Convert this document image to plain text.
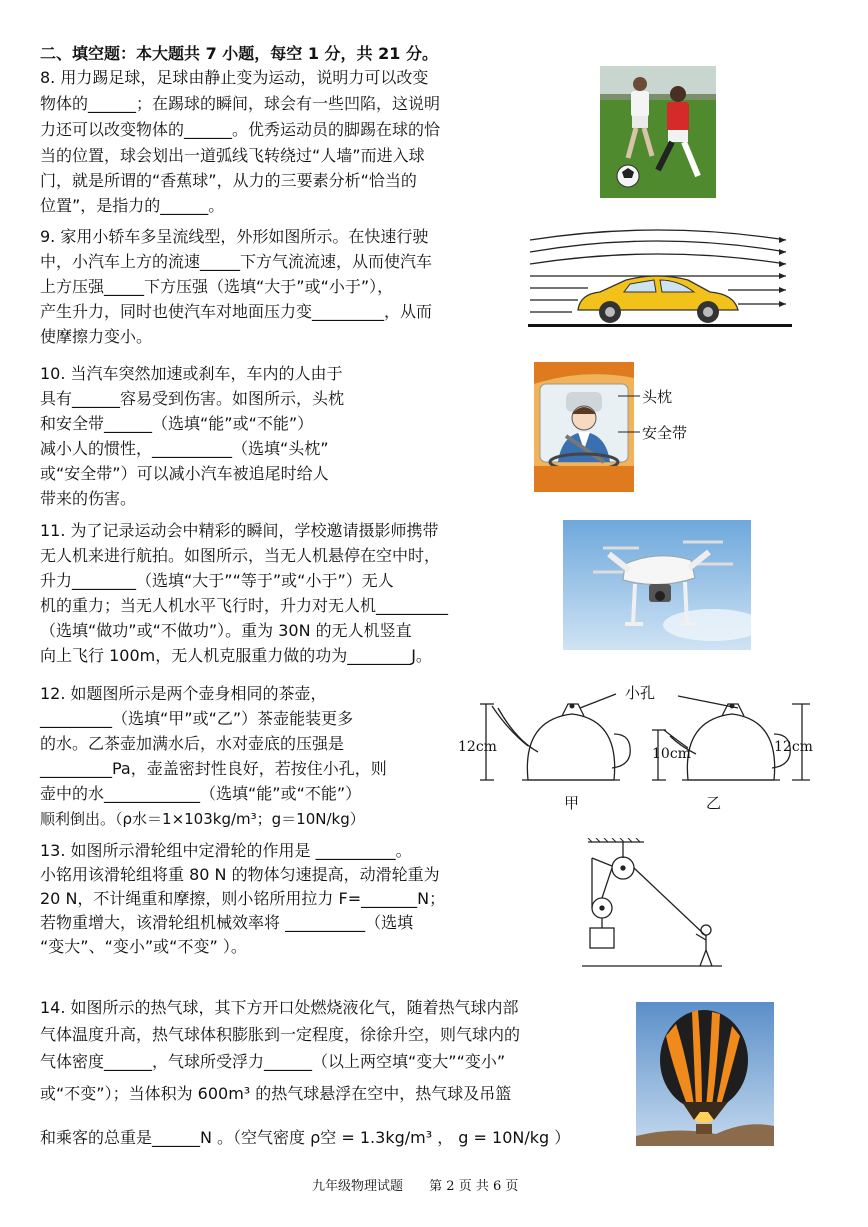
二、填空题：本大题共 7 小题，每空 1 分，共 21 分。
8. 用力踢足球，足球由静止变为运动，说明力可以改变
物体的______；在踢球的瞬间，球会有一些凹陷，这说明
力还可以改变物体的______。优秀运动员的脚踢在球的恰
当的位置，球会划出一道弧线飞转绕过“人墙”而进入球
门，就是所谓的“香蕉球”，从力的三要素分析“恰当的
位置”，是指力的______。
9. 家用小轿车多呈流线型，外形如图所示。在快速行驶
中，小汽车上方的流速_____下方气流流速，从而使汽车
上方压强_____下方压强（选填“大于”或“小于”），
产生升力，同时也使汽车对地面压力变_________，从而
使摩擦力变小。
10. 当汽车突然加速或刹车，车内的人由于
具有______容易受到伤害。如图所示，头枕
和安全带______（选填“能”或“不能”）
减小人的惯性，__________（选填“头枕”
或“安全带”）可以减小汽车被追尾时给人
带来的伤害。
头枕
安全带
11. 为了记录运动会中精彩的瞬间，学校邀请摄影师携带
无人机来进行航拍。如图所示，当无人机悬停在空中时，
升力________（选填“大于”“等于”或“小于”）无人
机的重力；当无人机水平飞行时，升力对无人机_________
（选填“做功”或“不做功”）。重为 30N 的无人机竖直
向上飞行 100m，无人机克服重力做的功为________J。
12. 如题图所示是两个壶身相同的茶壶，
_________（选填“甲”或“乙”）茶壶能装更多
的水。乙茶壶加满水后，水对壶底的压强是
_________Pa，壶盖密封性良好，若按住小孔，则
壶中的水____________（选填“能”或“不能”）
顺利倒出。（ρ水＝1×103kg/m³；g＝10N/kg）
小孔
12cm	10cm	12cm
甲	乙
13. 如图所示滑轮组中定滑轮的作用是 __________。
小铭用该滑轮组将重 80 N 的物体匀速提高，动滑轮重为
20 N，不计绳重和摩擦，则小铭所用拉力 F=_______N；
若物重增大，该滑轮组机械效率将 __________（选填
“变大”、“变小”或“不变” ）。
14. 如图所示的热气球，其下方开口处燃烧液化气，随着热气球内部
气体温度升高，热气球体积膨胀到一定程度，徐徐升空，则气球内的
气体密度______，气球所受浮力______（以上两空填“变大”“变小”
或“不变”）；当体积为 600m³ 的热气球悬浮在空中，热气球及吊篮
和乘客的总重是______N 。（空气密度 ρ空 = 1.3kg/m³ ， g = 10N/kg ）
九年级物理试题 第 2 页 共 6 页
